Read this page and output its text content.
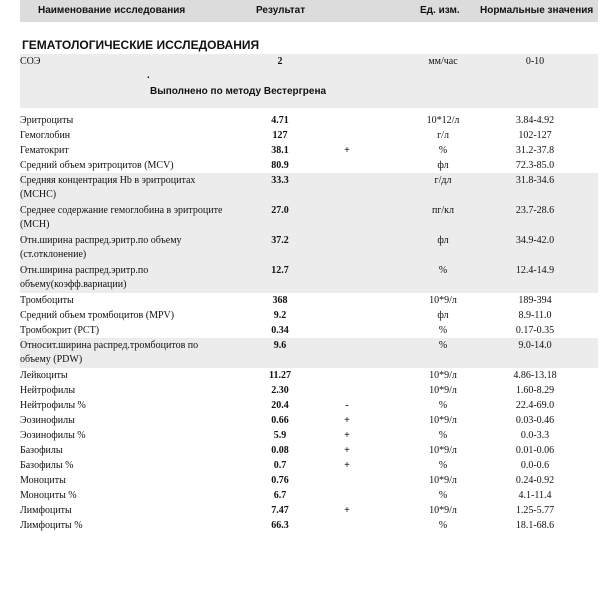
Наименование исследования	Результат	Ед. изм. Нормальные значения
ГЕМАТОЛОГИЧЕСКИЕ ИССЛЕДОВАНИЯ
СОЭ	2	мм/час	0-10
.
Выполнено по методу Вестергрена
Эритроциты	4.71	10*12/л	3.84-4.92
Гемоглобин	127	г/л	102-127
Гематокрит	38.1	+	%	31.2-37.8
Средний объем эритроцитов (MCV)	80.9	фл	72.3-85.0
Средняя концентрация Hb в эритроцитах (MCHC)
33.3	г/дл	31.8-34.6
Среднее содержание гемоглобина в эритроците (MCH)
27.0	пг/кл	23.7-28.6
Отн.ширина распред.эритр.по объему (ст.отклонение)
37.2	фл	34.9-42.0
Отн.ширина распред.эритр.по объему(коэфф.вариации)
12.7	%	12.4-14.9
Тромбоциты	368	10*9/л	189-394
Средний объем тромбоцитов (MPV)	9.2	фл	8.9-11.0
Тромбокрит (PCT)	0.34	%	0.17-0.35
Относит.ширина распред.тромбоцитов по объему (PDW)
9.6	%	9.0-14.0
Лейкоциты	11.27	10*9/л	4.86-13.18
Нейтрофилы	2.30	10*9/л	1.60-8.29
Нейтрофилы %	20.4	-	%	22.4-69.0
Эозинофилы	0.66	+	10*9/л	0.03-0.46
Эозинофилы %	5.9	+	%	0.0-3.3
Базофилы	0.08	+	10*9/л	0.01-0.06
Базофилы %	0.7	+	%	0.0-0.6
Моноциты	0.76	10*9/л	0.24-0.92
Моноциты %	6.7	%	4.1-11.4
Лимфоциты	7.47	+	10*9/л	1.25-5.77
Лимфоциты %	66.3	%	18.1-68.6
